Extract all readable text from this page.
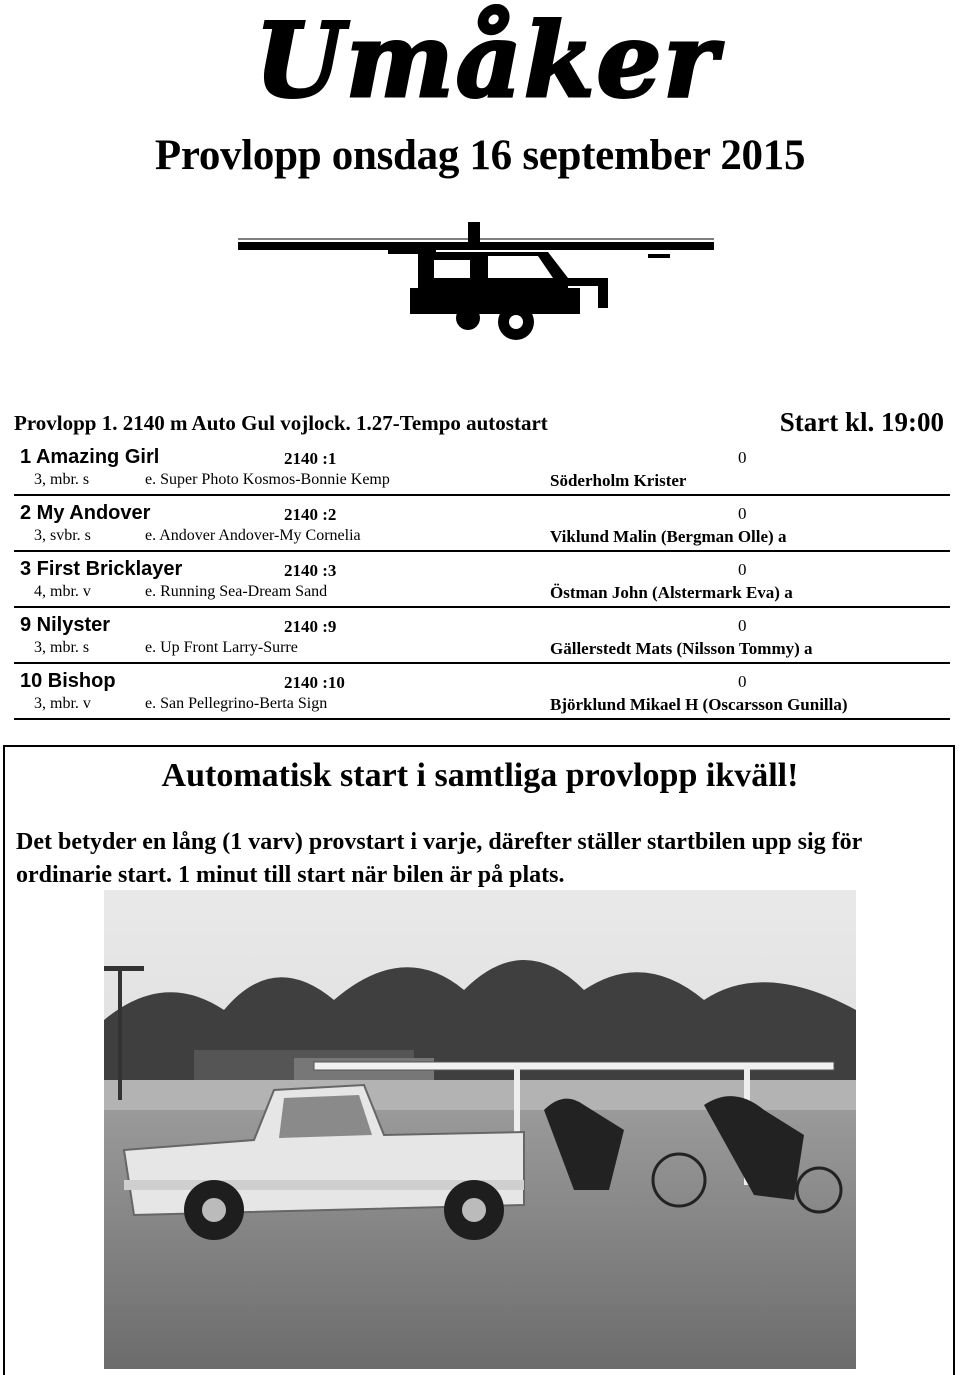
Umåker
Provlopp onsdag 16 september 2015
Provlopp 1. 2140 m Auto Gul vojlock. 1.27-Tempo autostart	Start kl. 19:00
1 Amazing Girl	2140 :1	0
3, mbr. s	e. Super Photo Kosmos-Bonnie Kemp	Söderholm Krister
2 My Andover	2140 :2	0
3, svbr. s	e. Andover Andover-My Cornelia	Viklund Malin (Bergman Olle) a
3 First Bricklayer	2140 :3	0
4, mbr. v	e. Running Sea-Dream Sand	Östman John (Alstermark Eva) a
9 Nilyster	2140 :9	0
3, mbr. s	e. Up Front Larry-Surre	Gällerstedt Mats (Nilsson Tommy) a
10 Bishop	2140 :10	0
3, mbr. v	e. San Pellegrino-Berta Sign	Björklund Mikael H (Oscarsson Gunilla)
Automatisk start i samtliga provlopp ikväll!
Det betyder en lång (1 varv) provstart i varje, därefter ställer startbilen upp sig för ordinarie start. 1 minut till start när bilen är på plats.
